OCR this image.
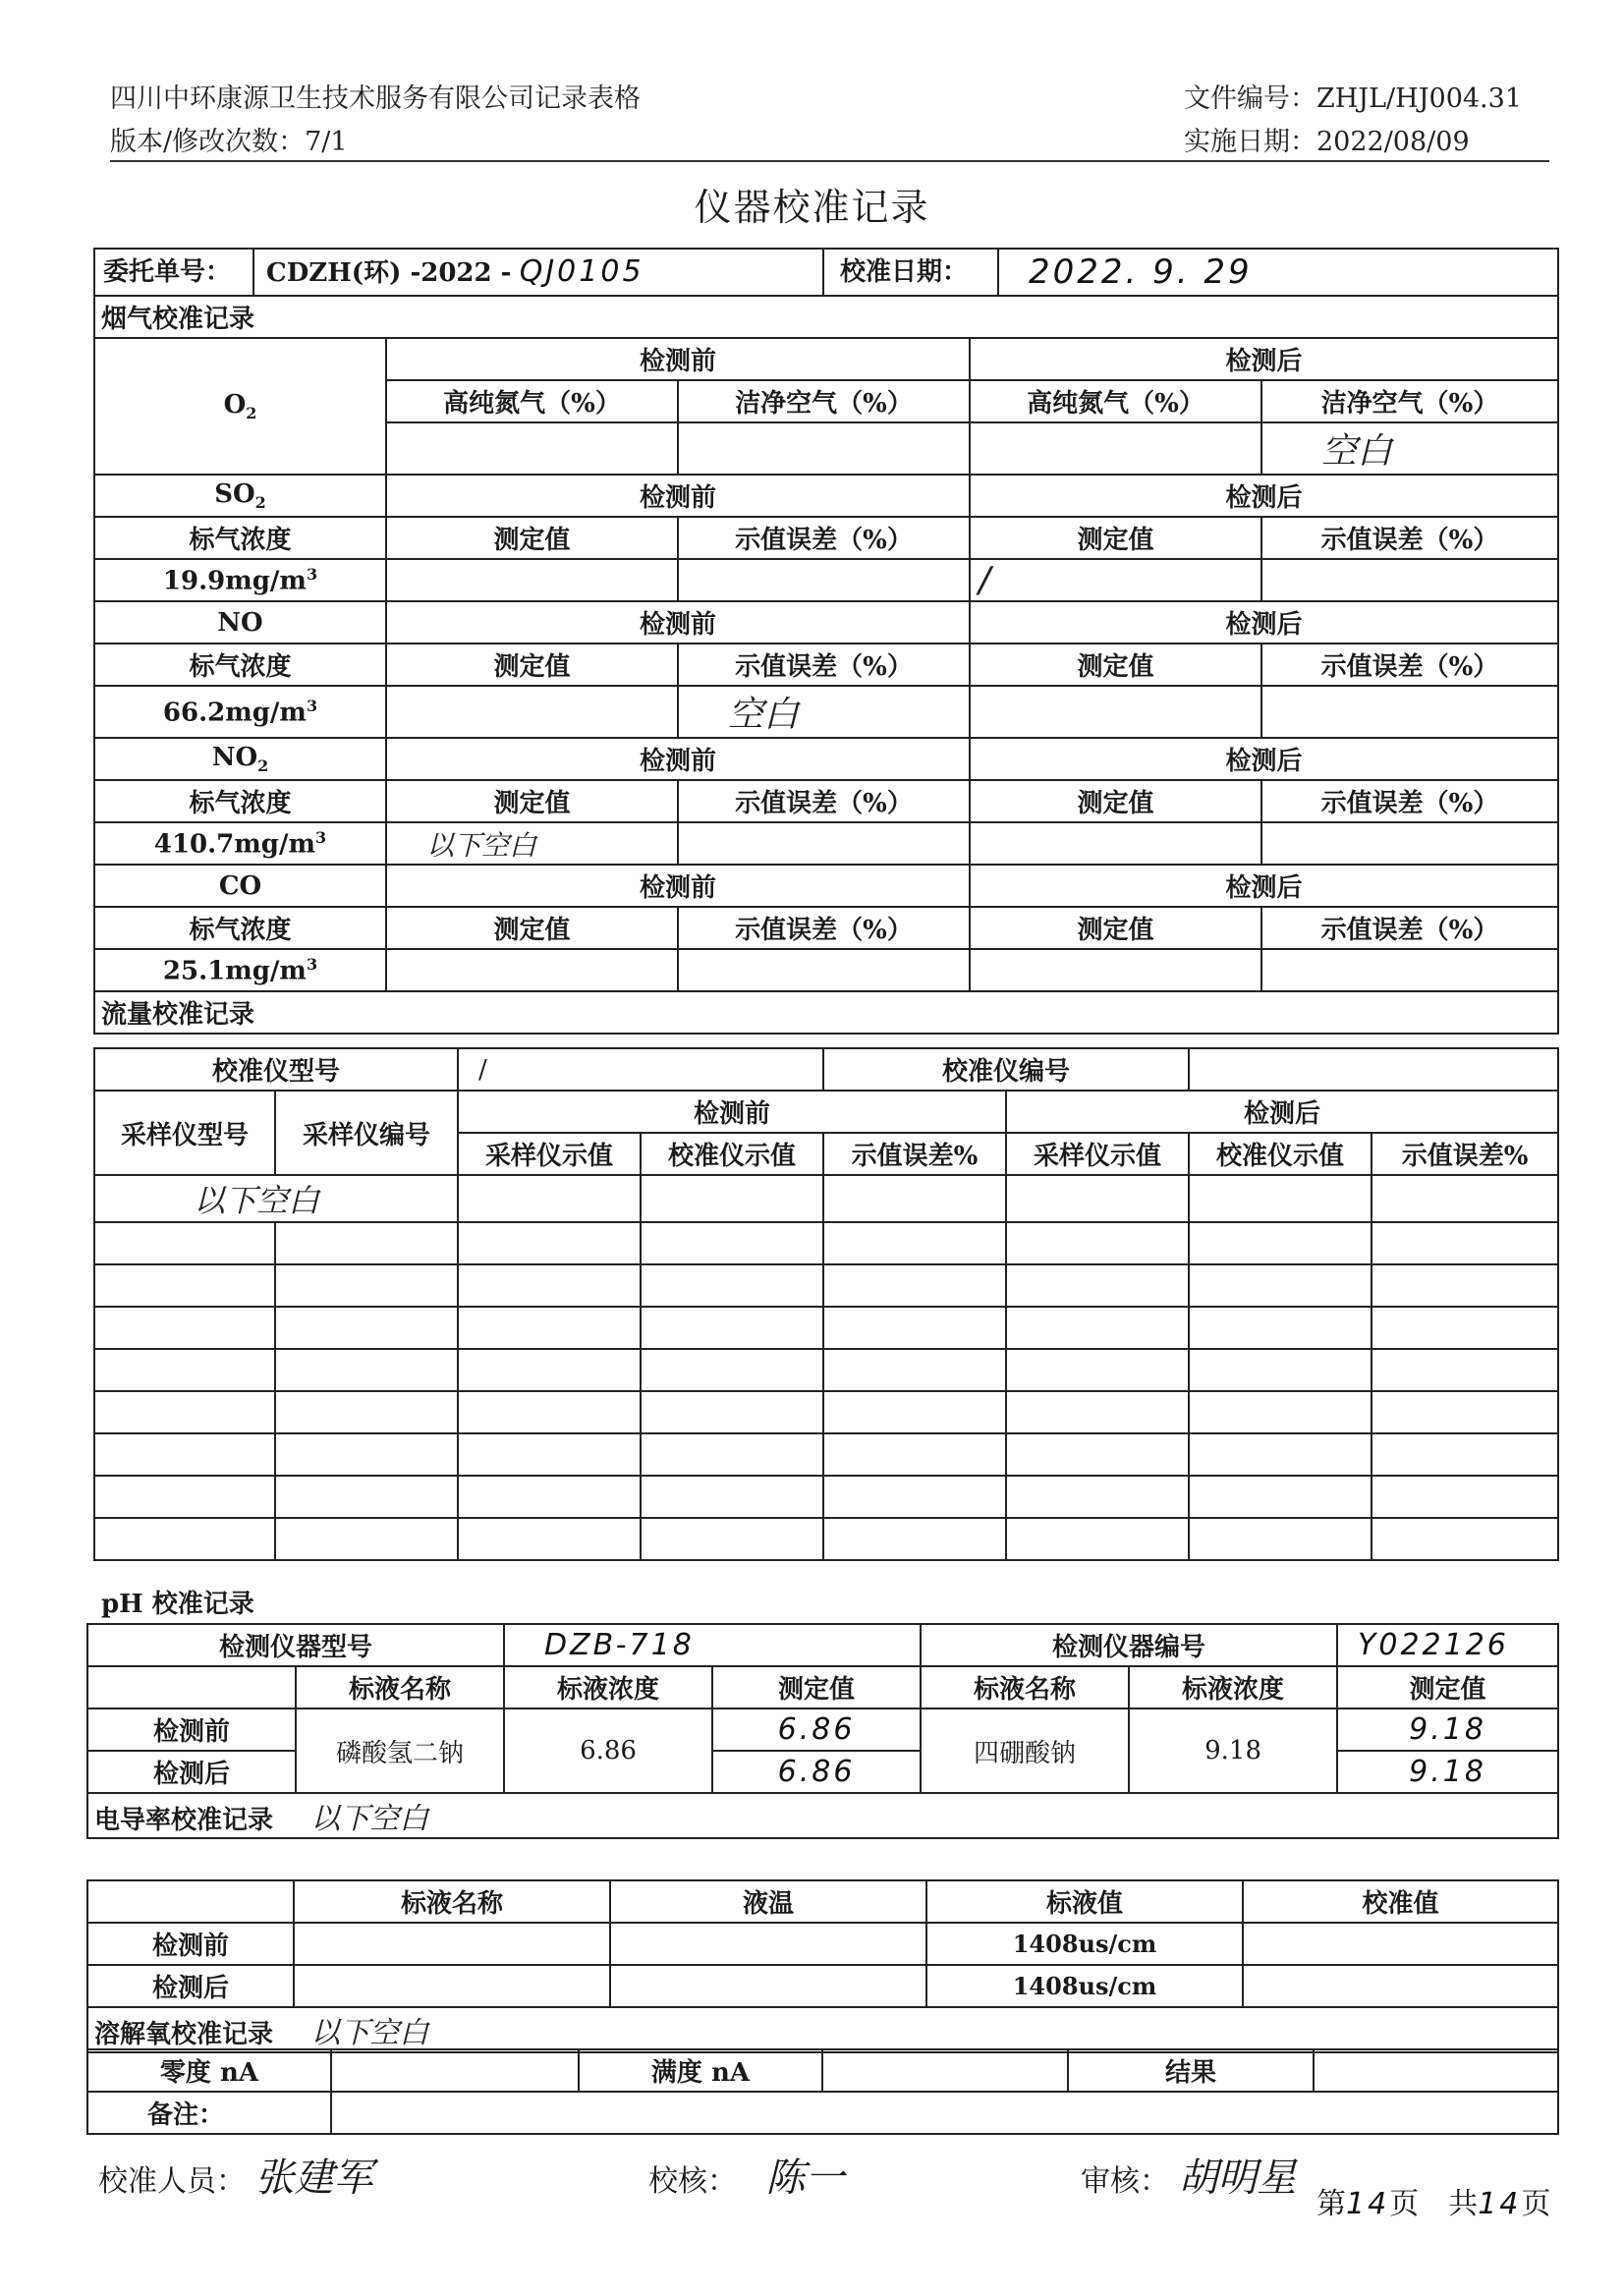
四川中环康源卫生技术服务有限公司记录表格	文件编号：ZHJL/HJ004.31
版本/修改次数：7/1	实施日期：2022/08/09
仪器校准记录
委托单号： CDZH(环) -2022 - QJ0105 校准日期： 2022. 9. 29				

烟气校准记录				
$O_2$	检测前		检测后	
	高纯氮气（%）	洁净空气（%）	高纯氮气（%）	洁净空气（%）
				空白
$SO_2$	检测前		检测后	
标气浓度	测定值	示值误差（%）	测定值	示值误差（%）
$19.9mg/m^3$			/	
NO	检测前		检测后	
标气浓度	测定值	示值误差（%）	测定值	示值误差（%）
$66.2mg/m^3$		空白		
$NO_2$	检测前		检测后	
标气浓度	测定值	示值误差（%）	测定值	示值误差（%）
$410.7mg/m^3$	以下空白			
CO	检测前		检测后	
标气浓度	测定值	示值误差（%）	测定值	示值误差（%）
$25.1mg/m^3$				
流量校准记录				
校准仪型号		/		校准仪编号			
采样仪型号	采样仪编号	检测前			检测后		
		采样仪示值	校准仪示值	示值误差%	采样仪示值	校准仪示值	示值误差%
以下空白							

pH 校准记录
检测仪器型号		DZB-718		检测仪器编号		Y022126
	标液名称	标液浓度	测定值	标液名称	标液浓度	测定值
检测前	磷酸氢二钠	6.86	6.86	四硼酸钠	9.18	9.18
检测后			6.86			9.18
电导率校准记录 以下空白						
	标液名称	液温	标液值	校准值
检测前			1408us/cm	
检测后			1408us/cm	
溶解氧校准记录 以下空白				
零度 nA		满度 nA		结果	
备注：					
校准人员： 张建军	校核： 陈一	审核： 胡明星
第14页　共14页
